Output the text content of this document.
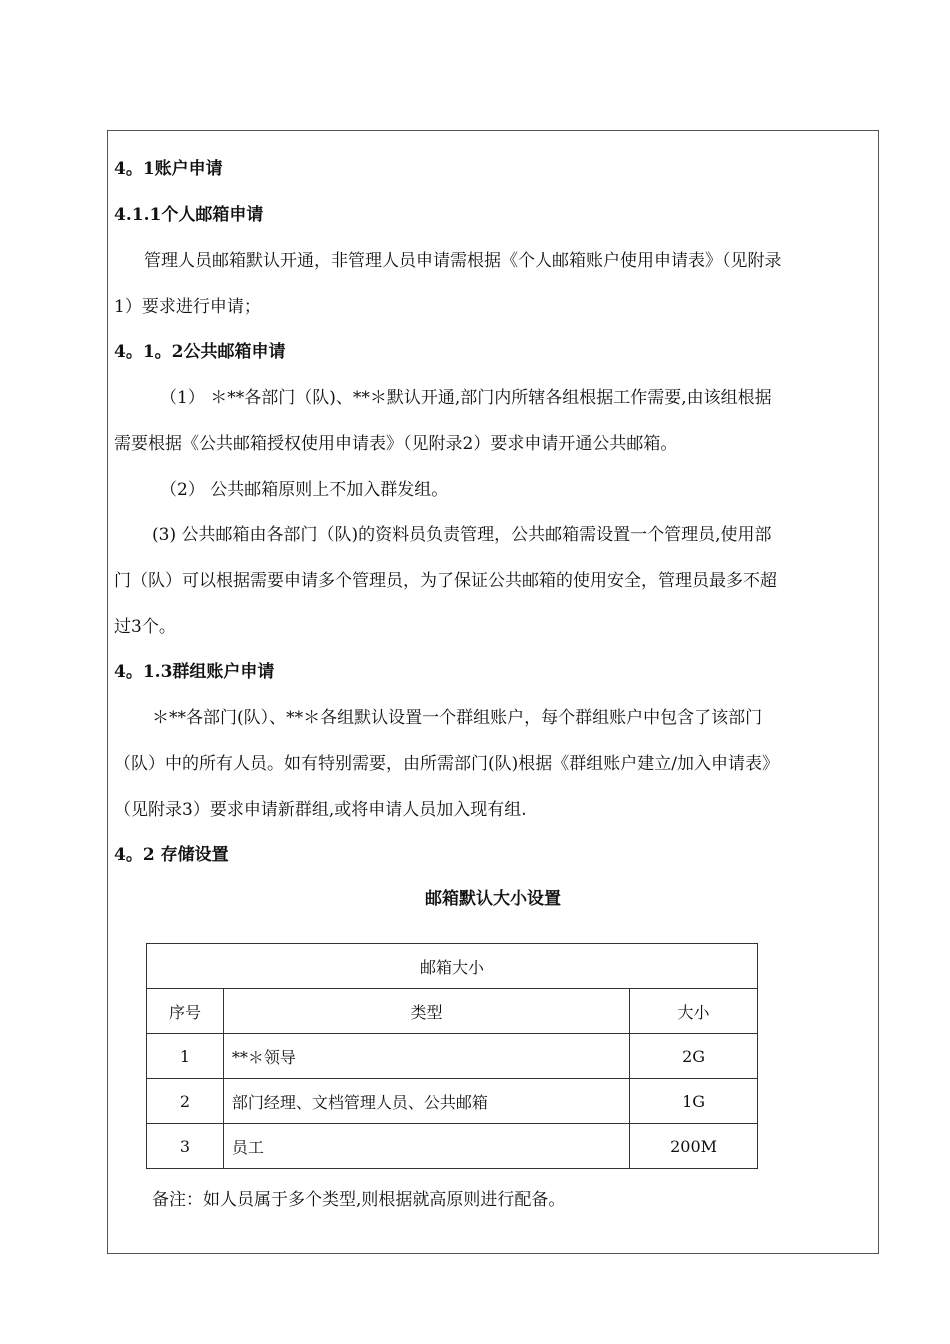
4。1账户申请
4.1.1个人邮箱申请
管理人员邮箱默认开通，非管理人员申请需根据《个人邮箱账户使用申请表》（见附录
1）要求进行申请；
4。1。2公共邮箱申请
（1） ＊**各部门（队)、**＊默认开通,部门内所辖各组根据工作需要,由该组根据
需要根据《公共邮箱授权使用申请表》（见附录2）要求申请开通公共邮箱。
（2） 公共邮箱原则上不加入群发组。
(3) 公共邮箱由各部门（队)的资料员负责管理，公共邮箱需设置一个管理员,使用部
门（队）可以根据需要申请多个管理员，为了保证公共邮箱的使用安全，管理员最多不超
过3个。
4。1.3群组账户申请
＊**各部门(队）、**＊各组默认设置一个群组账户，每个群组账户中包含了该部门
（队）中的所有人员。如有特别需要，由所需部门(队)根据《群组账户建立/加入申请表》
（见附录3）要求申请新群组,或将申请人员加入现有组.
4。2 存储设置
邮箱默认大小设置
邮箱大小		
序号	类型	大小
1	**＊领导	2G
2	部门经理、文档管理人员、公共邮箱	1G
3	员工	200M
备注：如人员属于多个类型,则根据就高原则进行配备。
